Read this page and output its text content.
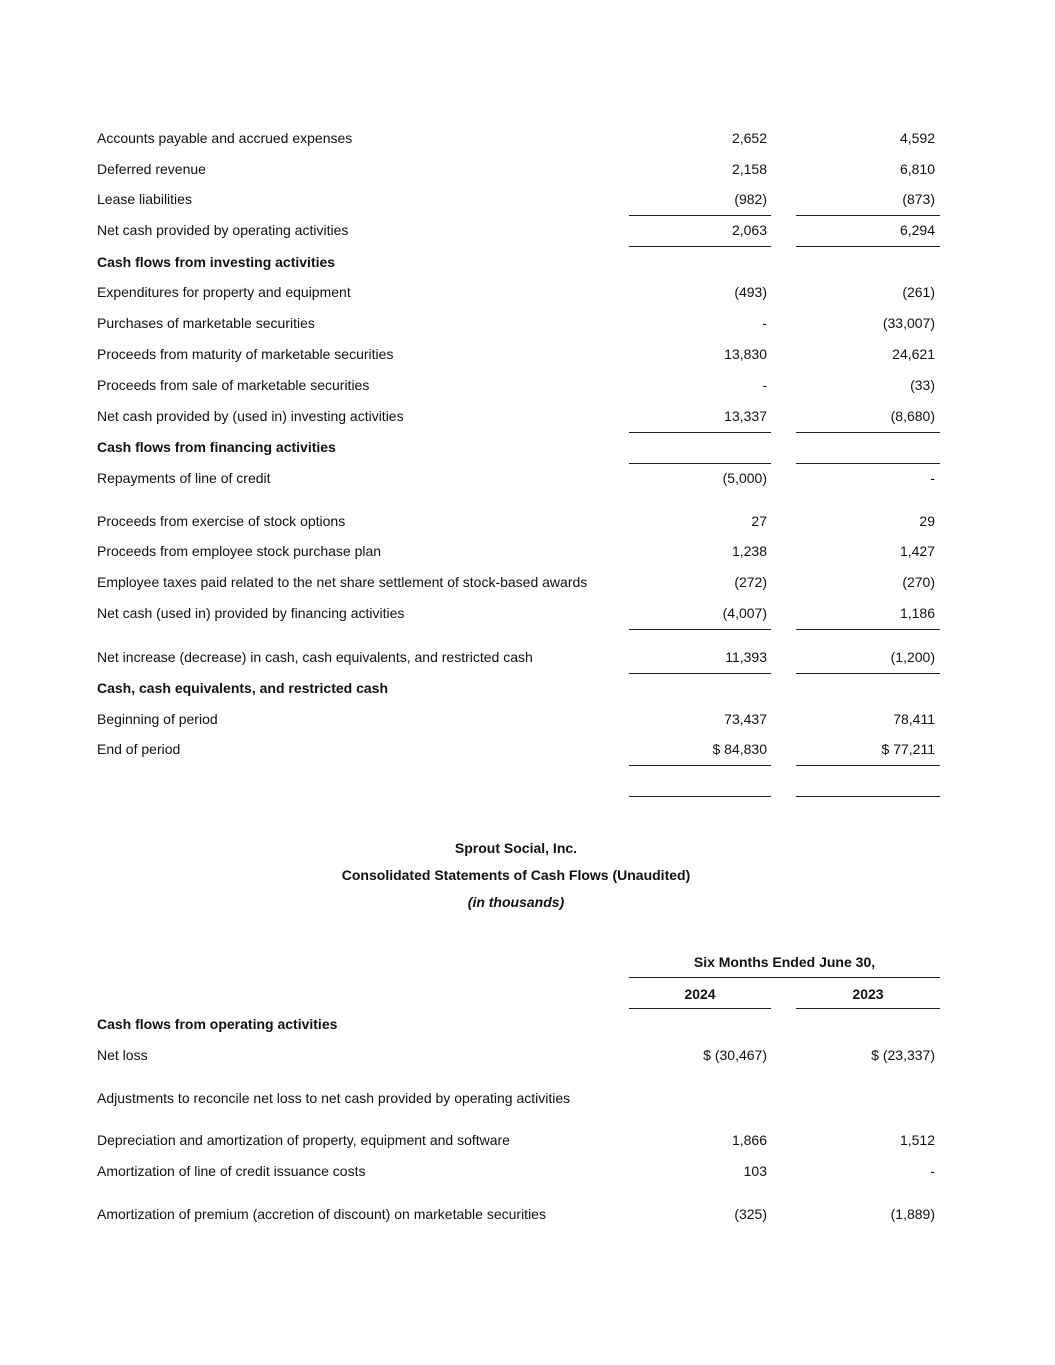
Accounts payable and accrued expenses	2,652	4,592
Deferred revenue	2,158	6,810
Lease liabilities	(982)	(873)
Net cash provided by operating activities	2,063	6,294
Cash flows from investing activities
Expenditures for property and equipment	(493)	(261)
Purchases of marketable securities	-	(33,007)
Proceeds from maturity of marketable securities	13,830	24,621
Proceeds from sale of marketable securities	-	(33)
Net cash provided by (used in) investing activities	13,337	(8,680)
Cash flows from financing activities
Repayments of line of credit	(5,000)	-
Proceeds from exercise of stock options	27	29
Proceeds from employee stock purchase plan	1,238	1,427
Employee taxes paid related to the net share settlement of stock-based awards	(272)	(270)
Net cash (used in) provided by financing activities	(4,007)	1,186
Net increase (decrease) in cash, cash equivalents, and restricted cash	11,393	(1,200)
Cash, cash equivalents, and restricted cash
Beginning of period	73,437	78,411
End of period	$ 84,830	$ 77,211
Sprout Social, Inc.
Consolidated Statements of Cash Flows (Unaudited)
(in thousands)
Six Months Ended June 30,
2024	2023
Cash flows from operating activities
Net loss	$ (30,467)	$ (23,337)
Adjustments to reconcile net loss to net cash provided by operating activities
Depreciation and amortization of property, equipment and software	1,866	1,512
Amortization of line of credit issuance costs	103	-
Amortization of premium (accretion of discount) on marketable securities	(325)	(1,889)
